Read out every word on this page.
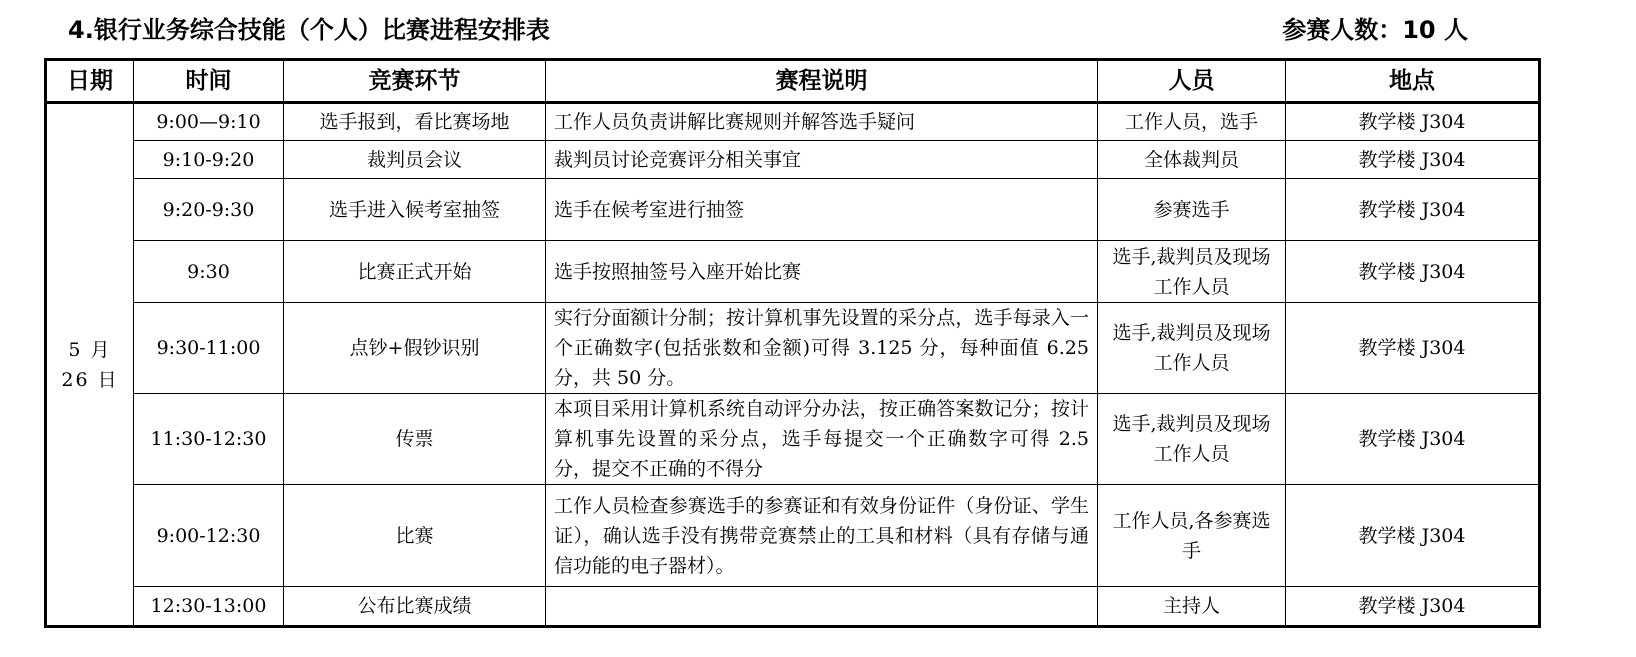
4.银行业务综合技能（个人）比赛进程安排表	参赛人数：10 人
日期	时间	竞赛环节	赛程说明	人员	地点
5 月 26 日	9:00—9:10	选手报到，看比赛场地	工作人员负责讲解比赛规则并解答选手疑问	工作人员，选手	教学楼 J304
	9:10-9:20	裁判员会议	裁判员讨论竞赛评分相关事宜	全体裁判员	教学楼 J304
	9:20-9:30	选手进入候考室抽签	选手在候考室进行抽签	参赛选手	教学楼 J304
	9:30	比赛正式开始	选手按照抽签号入座开始比赛	选手,裁判员及现场工作人员	教学楼 J304
	9:30-11:00	点钞+假钞识别	实行分面额计分制；按计算机事先设置的采分点，选手每录入一个正确数字(包括张数和金额)可得 3.125 分，每种面值 6.25 分，共 50 分。	选手,裁判员及现场工作人员	教学楼 J304
	11:30-12:30	传票	本项目采用计算机系统自动评分办法，按正确答案数记分；按计算机事先设置的采分点，选手每提交一个正确数字可得 2.5 分，提交不正确的不得分	选手,裁判员及现场工作人员	教学楼 J304
	9:00-12:30	比赛	工作人员检查参赛选手的参赛证和有效身份证件（身份证、学生证），确认选手没有携带竞赛禁止的工具和材料（具有存储与通信功能的电子器材）。	工作人员,各参赛选手	教学楼 J304
	12:30-13:00	公布比赛成绩		主持人	教学楼 J304
